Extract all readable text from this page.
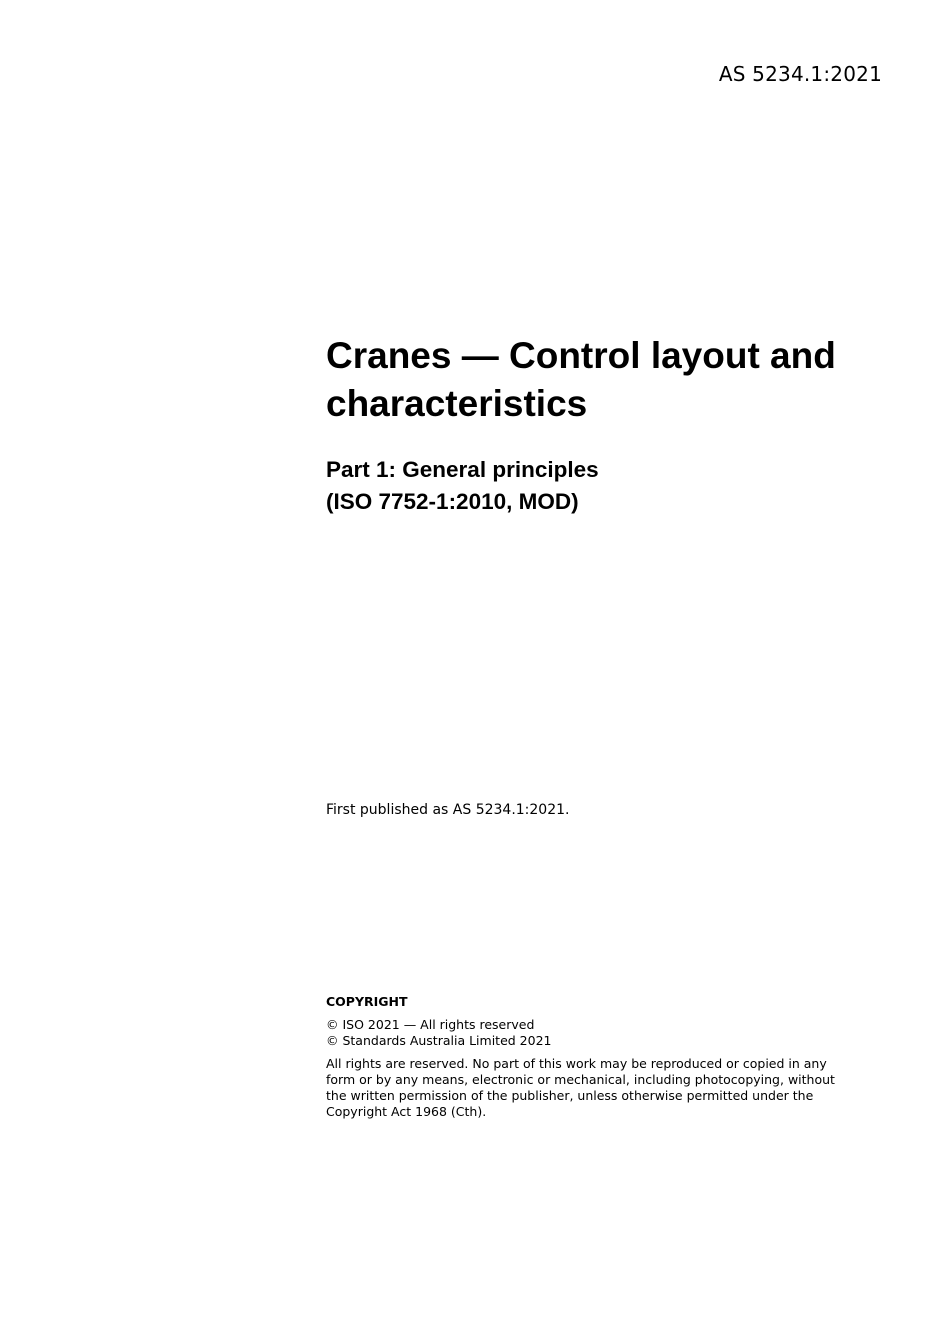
AS 5234.1:2021
Cranes — Control layout and characteristics
Part 1: General principles
(ISO 7752-1:2010, MOD)
First published as AS 5234.1:2021.
COPYRIGHT
© ISO 2021 — All rights reserved
© Standards Australia Limited 2021
All rights are reserved. No part of this work may be reproduced or copied in any form or by any means, electronic or mechanical, including photocopying, without the written permission of the publisher, unless otherwise permitted under the Copyright Act 1968 (Cth).
